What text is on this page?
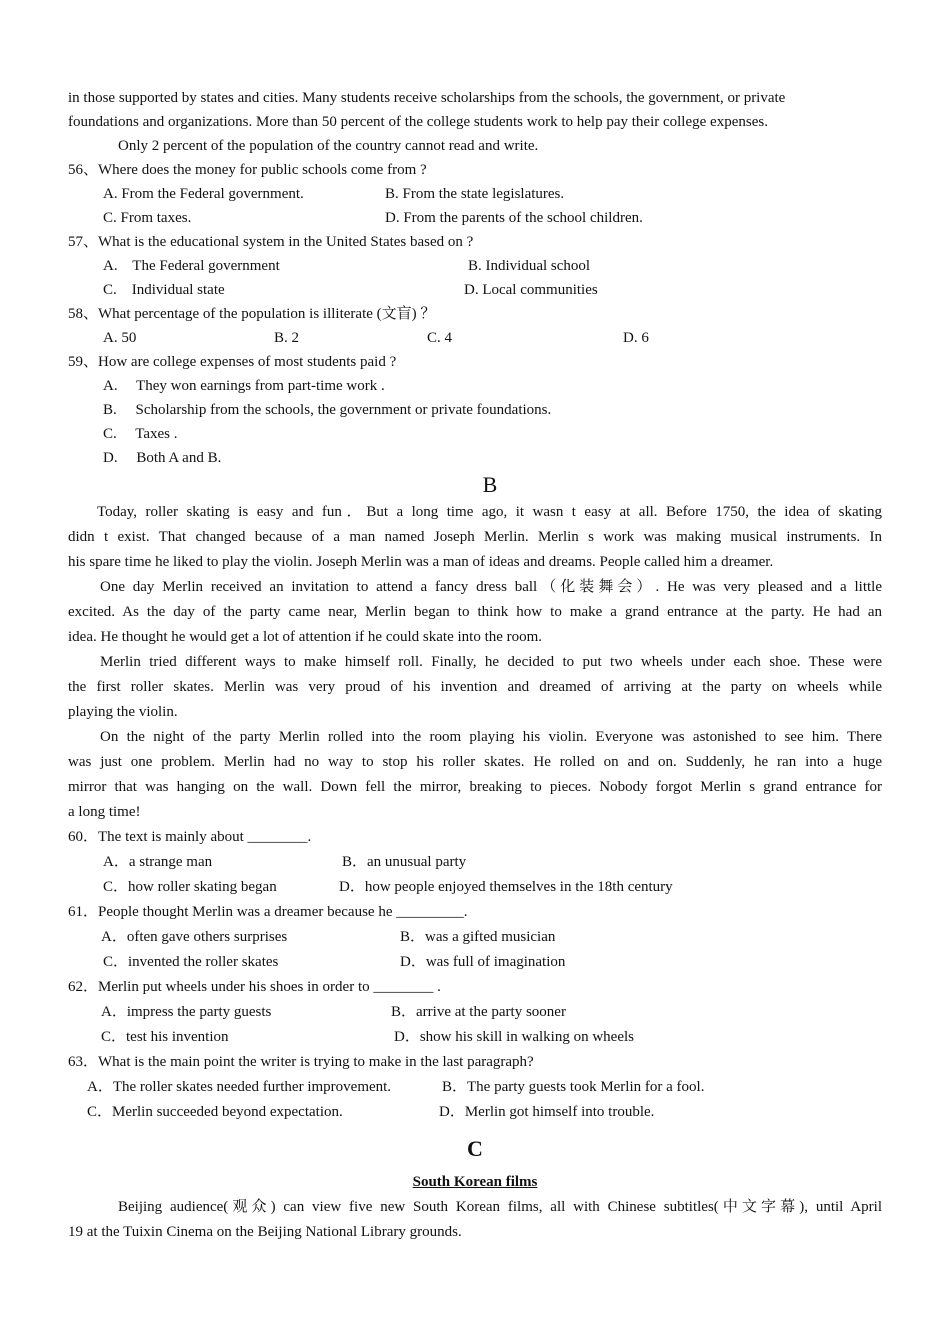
in those supported by states and cities. Many students receive scholarships from the schools, the government, or private
foundations and organizations. More than 50 percent of the college students work to help pay their college expenses.
Only 2 percent of the population of the country cannot read and write.
56、Where does the money for public schools come from ?
A. From the Federal government.	B. From the state legislatures.
C. From taxes.	D. From the parents of the school children.
57、What is the educational system in the United States based on ?
A.    The Federal government	B. Individual school
C.    Individual state	D. Local communities
58、What percentage of the population is illiterate (文盲) ？
A. 50	B. 2	C. 4	D. 6
59、How are college expenses of most students paid ?
A.     They won earnings from part-time work .
B.     Scholarship from the schools, the government or private foundations.
C.     Taxes .
D.     Both A and B.
B
Today, roller skating is easy and fun．But a long time ago, it wasn t easy at all. Before 1750, the idea of skating
didn t exist. That changed because of a man named Joseph Merlin. Merlin s work was making musical instruments. In
his spare time he liked to play the violin. Joseph Merlin was a man of ideas and dreams. People called him a dreamer.
One day Merlin received an invitation to attend a fancy dress ball（化装舞会）. He was very pleased and a little
excited. As the day of the party came near, Merlin began to think how to make a grand entrance at the party. He had an
idea. He thought he would get a lot of attention if he could skate into the room.
Merlin tried different ways to make himself roll. Finally, he decided to put two wheels under each shoe. These were
the first roller skates. Merlin was very proud of his invention and dreamed of arriving at the party on wheels while
playing the violin.
On the night of the party Merlin rolled into the room playing his violin. Everyone was astonished to see him. There
was just one problem. Merlin had no way to stop his roller skates. He rolled on and on. Suddenly, he ran into a huge
mirror that was hanging on the wall. Down fell the mirror, breaking to pieces. Nobody forgot Merlin s grand entrance for
a long time!
60．The text is mainly about ________.
A．a strange man	B．an unusual party
C．how roller skating began	D．how people enjoyed themselves in the 18th century
61．People thought Merlin was a dreamer because he _________.
A．often gave others surprises	B．was a gifted musician
C．invented the roller skates	D．was full of imagination
62．Merlin put wheels under his shoes in order to ________ .
A．impress the party guests	B．arrive at the party sooner
C．test his invention	D．show his skill in walking on wheels
63．What is the main point the writer is trying to make in the last paragraph?
A．The roller skates needed further improvement.	B．The party guests took Merlin for a fool.
C．Merlin succeeded beyond expectation.	D．Merlin got himself into trouble.
C
South Korean films
Beijing audience(观众) can view five new South Korean films, all with Chinese subtitles(中文字幕), until April
19 at the Tuixin Cinema on the Beijing National Library grounds.
